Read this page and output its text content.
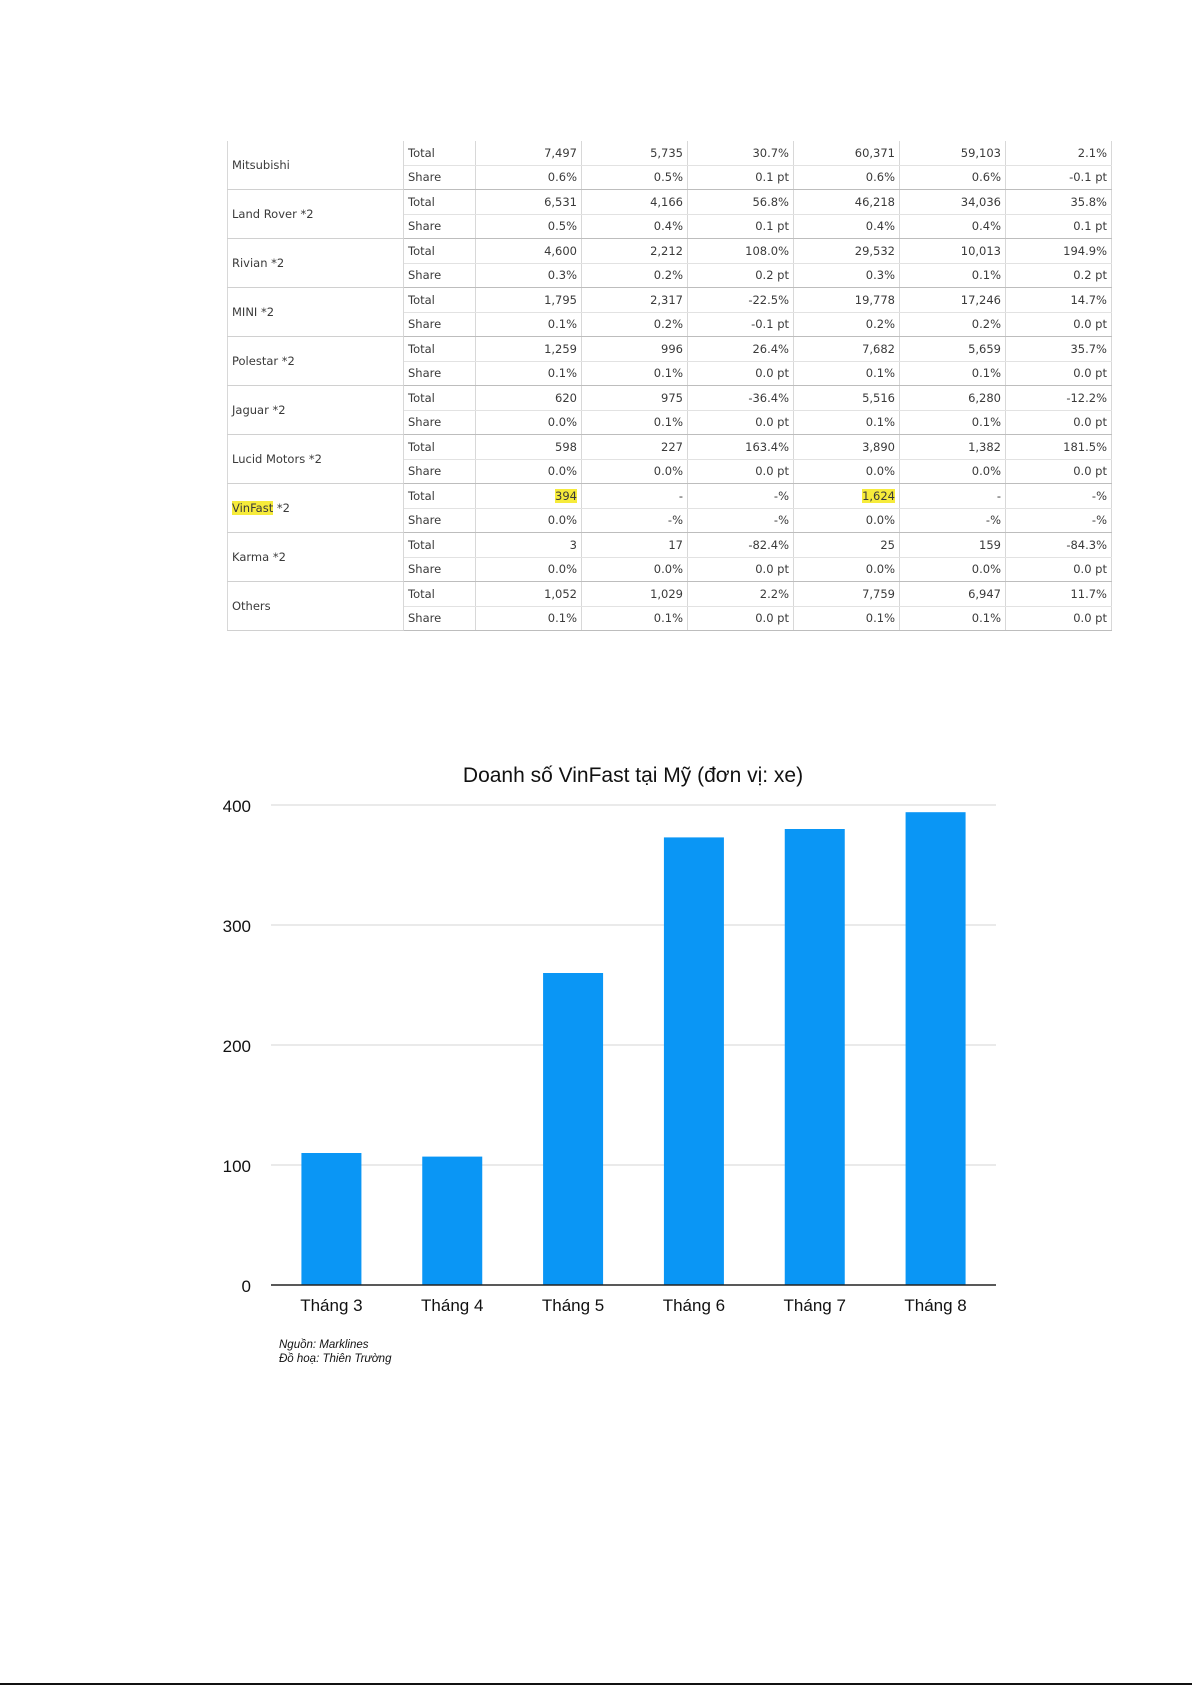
Mitsubishi	Total	7,497	5,735	30.7%	60,371	59,103	2.1%
	Share	0.6%	0.5%	0.1 pt	0.6%	0.6%	-0.1 pt
Land Rover *2	Total	6,531	4,166	56.8%	46,218	34,036	35.8%
	Share	0.5%	0.4%	0.1 pt	0.4%	0.4%	0.1 pt
Rivian *2	Total	4,600	2,212	108.0%	29,532	10,013	194.9%
	Share	0.3%	0.2%	0.2 pt	0.3%	0.1%	0.2 pt
MINI *2	Total	1,795	2,317	-22.5%	19,778	17,246	14.7%
	Share	0.1%	0.2%	-0.1 pt	0.2%	0.2%	0.0 pt
Polestar *2	Total	1,259	996	26.4%	7,682	5,659	35.7%
	Share	0.1%	0.1%	0.0 pt	0.1%	0.1%	0.0 pt
Jaguar *2	Total	620	975	-36.4%	5,516	6,280	-12.2%
	Share	0.0%	0.1%	0.0 pt	0.1%	0.1%	0.0 pt
Lucid Motors *2	Total	598	227	163.4%	3,890	1,382	181.5%
	Share	0.0%	0.0%	0.0 pt	0.0%	0.0%	0.0 pt
VinFast *2	Total	394	-	-%	1,624	-	-%
	Share	0.0%	-%	-%	0.0%	-%	-%
Karma *2	Total	3	17	-82.4%	25	159	-84.3%
	Share	0.0%	0.0%	0.0 pt	0.0%	0.0%	0.0 pt
Others	Total	1,052	1,029	2.2%	7,759	6,947	11.7%
	Share	0.1%	0.1%	0.0 pt	0.1%	0.1%	0.0 pt
Doanh số VinFast tại Mỹ (đơn vị: xe)
0
100
200
300
400
Tháng 3	Tháng 4	Tháng 5	Tháng 6	Tháng 7	Tháng 8
Nguồn: Marklines
Đồ hoạ: Thiên Trường
